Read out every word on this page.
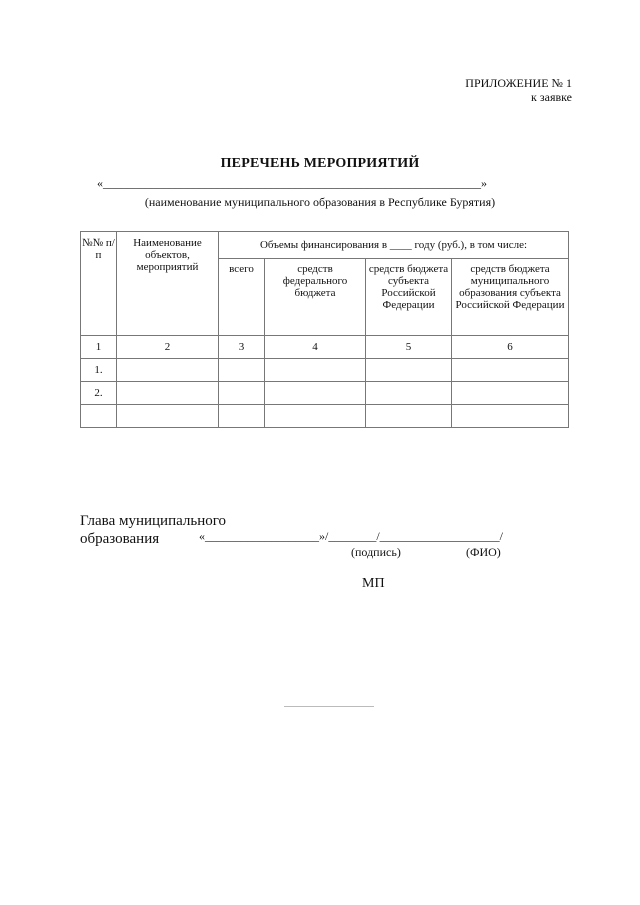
ПРИЛОЖЕНИЕ № 1
к заявке
ПЕРЕЧЕНЬ МЕРОПРИЯТИЙ
«_______________________________________________________________»
(наименование муниципального образования в Республике Бурятия)
№№ п/п	Наименование объектов, мероприятий	Объемы финансирования в ____ году (руб.), в том числе:			
		всего	средств федерального бюджета	средств бюджета субъекта Российской Федерации	средств бюджета муниципального образования субъекта Российской Федерации
1	2	3	4	5	6
1.					
2.					

Глава муниципального
образования	«___________________»/________/____________________/
(подпись)	(ФИО)
МП
